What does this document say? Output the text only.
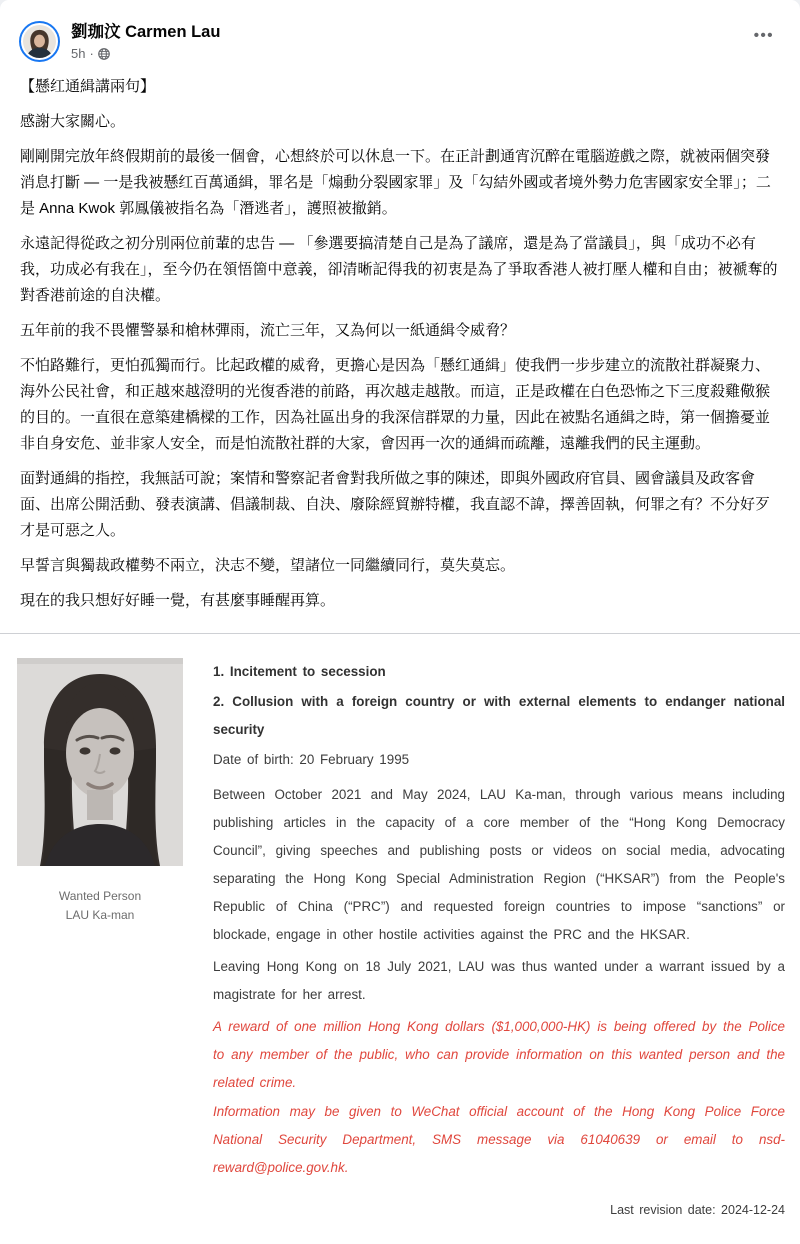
劉珈汶 Carmen Lau
5h ·
•••

【懸红通緝講兩句】

感謝大家關心。

剛剛開完放年終假期前的最後一個會，心想終於可以休息一下。在正計劃通宵沉醉在電腦遊戲之際，就被兩個突發消息打斷 — 一是我被懸红百萬通緝，罪名是「煽動分裂國家罪」及「勾結外國或者境外勢力危害國家安全罪」；二是 Anna Kwok 郭鳳儀被指名為「潛逃者」，護照被撤銷。

永遠記得從政之初分別兩位前輩的忠告 — 「參選要搞清楚自己是為了議席，還是為了當議員」，與「成功不必有我，功成必有我在」，至今仍在領悟箇中意義，卻清晰記得我的初衷是為了爭取香港人被打壓人權和自由；被褫奪的對香港前途的自決權。

五年前的我不畏懼警暴和槍林彈雨，流亡三年，又為何以一紙通緝令威脅？

不怕路難行，更怕孤獨而行。比起政權的威脅，更擔心是因為「懸红通緝」使我們一步步建立的流散社群凝聚力、海外公民社會，和正越來越澄明的光復香港的前路，再次越走越散。而這，正是政權在白色恐怖之下三度殺雞儆猴的目的。一直很在意築建橋樑的工作，因為社區出身的我深信群眾的力量，因此在被點名通緝之時，第一個擔憂並非自身安危、並非家人安全，而是怕流散社群的大家，會因再一次的通緝而疏離，遠離我們的民主運動。

面對通緝的指控，我無話可說；案情和警察記者會對我所做之事的陳述，即與外國政府官員、國會議員及政客會面、出席公開活動、發表演講、倡議制裁、自決、廢除經貿辦特權，我直認不諱，擇善固執，何罪之有？不分好歹才是可惡之人。

早誓言與獨裁政權勢不兩立，決志不變，望諸位一同繼續同行，莫失莫忘。

現在的我只想好好睡一覺，有甚麼事睡醒再算。

Wanted Person
LAU Ka-man

1. Incitement to secession

2. Collusion with a foreign country or with external elements to endanger national security

Date of birth: 20 February 1995

Between October 2021 and May 2024, LAU Ka-man, through various means including publishing articles in the capacity of a core member of the “Hong Kong Democracy Council”, giving speeches and publishing posts or videos on social media, advocating separating the Hong Kong Special Administration Region (“HKSAR”) from the People's Republic of China (“PRC”) and requested foreign countries to impose “sanctions” or blockade, engage in other hostile activities against the PRC and the HKSAR.

Leaving Hong Kong on 18 July 2021, LAU was thus wanted under a warrant issued by a magistrate for her arrest.

A reward of one million Hong Kong dollars ($1,000,000-HK) is being offered by the Police to any member of the public, who can provide information on this wanted person and the related crime.

Information may be given to WeChat official account of the Hong Kong Police Force National Security Department, SMS message via 61040639 or email to nsd-reward@police.gov.hk.

Last revision date: 2024-12-24
